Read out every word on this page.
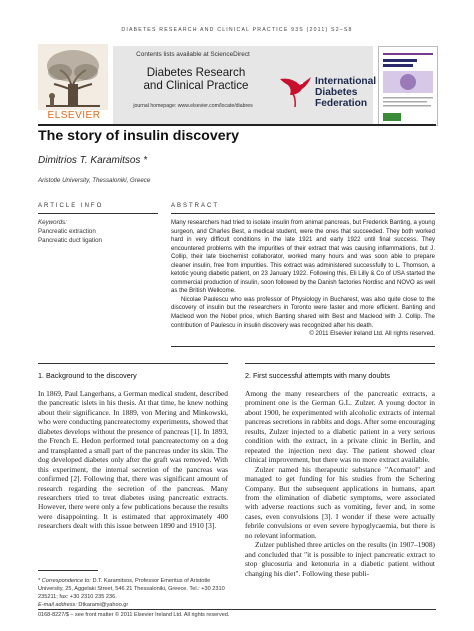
DIABETES RESEARCH AND CLINICAL PRACTICE 93S (2011) S2–S8
ELSEVIER
Contents lists available at ScienceDirect
Diabetes Research
and Clinical Practice
journal homepage: www.elsevier.com/locate/diabres
International
Diabetes
Federation
The story of insulin discovery
Dimitrios T. Karamitsos *
Aristotle University, Thessaloniki, Greece
ARTICLE INFO	ABSTRACT
Keywords:
Pancreatic extraction
Pancreatic duct ligation

Many researchers had tried to isolate insulin from animal pancreas, but Frederick Banting, a young surgeon, and Charles Best, a medical student, were the ones that succeeded. They both worked hard in very difficult conditions in the late 1921 and early 1922 until final success. They encountered problems with the impurities of their extract that was causing inflammations, but J. Collip, their late biochemist collaborator, worked many hours and was soon able to prepare cleaner insulin, free from impurities. This extract was administered successfully to L. Thomson, a ketotic young diabetic patient, on 23 January 1922. Following this, Eli Lilly & Co of USA started the commercial production of insulin, soon followed by the Danish factories Nordisc and NOVO as well as the British Wellcome.

Nicolae Paulescu who was professor of Physiology in Bucharest, was also quite close to the discovery of insulin but the researchers in Toronto were faster and more efficient. Banting and Macleod won the Nobel price, which Banting shared with Best and Macleod with J. Collip. The contribution of Paulescu in insulin discovery was recognized after his death.

© 2011 Elsevier Ireland Ltd. All rights reserved.

1. Background to the discovery	2. First successful attempts with many doubts

In 1869, Paul Langerhans, a German medical student, described the pancreatic islets in his thesis. At that time, he knew nothing about their significance. In 1889, von Mering and Minkowski, who were conducting pancreatectomy experiments, showed that diabetes develops without the presence of pancreas [1]. In 1893, the French E. Hedon performed total pancreatectomy on a dog and transplanted a small part of the pancreas under its skin. The dog developed diabetes only after the graft was removed. With this experiment, the internal secretion of the pancreas was confirmed [2]. Following that, there was significant amount of research regarding the secretion of the pancreas. Many researchers tried to treat diabetes using pancreatic extracts. However, there were only a few publications because the results were disappointing. It is estimated that approximately 400 researchers dealt with this issue between 1890 and 1910 [3].

Among the many researchers of the pancreatic extracts, a prominent one is the German G.L. Zulzer. A young doctor in about 1900, he experimented with alcoholic extracts of internal pancreas secretions in rabbits and dogs. After some encouraging results, Zulzer injected to a diabetic patient in a very serious condition with the extract, in a private clinic in Berlin, and repeated the injection next day. The patient showed clear clinical improvement, but there was no more extract available.

Zulzer named his therapeutic substance "Acomatol" and managed to get funding for his studies from the Schering Company. But the subsequent applications in humans, apart from the elimination of diabetic symptoms, were associated with adverse reactions such as vomiting, fever and, in some cases, even convulsions [3]. I wonder if these were actually febrile convulsions or even severe hypoglycaemia, but there is no relevant information.

Zulzer published three articles on the results (in 1907–1908) and concluded that "it is possible to inject pancreatic extract to stop glucosuria and ketonuria in a diabetic patient without changing his diet". Following these publi-

* Correspondence to: D.T. Karamitsos, Professor Emeritus of Aristotle University, 25, Aggelaki Street, 546 21 Thessaloniki, Greece. Tel.: +30 2310 235211; fax: +30 2310 235 236.
E-mail address: Dtkarami@yahoo.gr
0168-8227/$ – see front matter © 2011 Elsevier Ireland Ltd. All rights reserved.
